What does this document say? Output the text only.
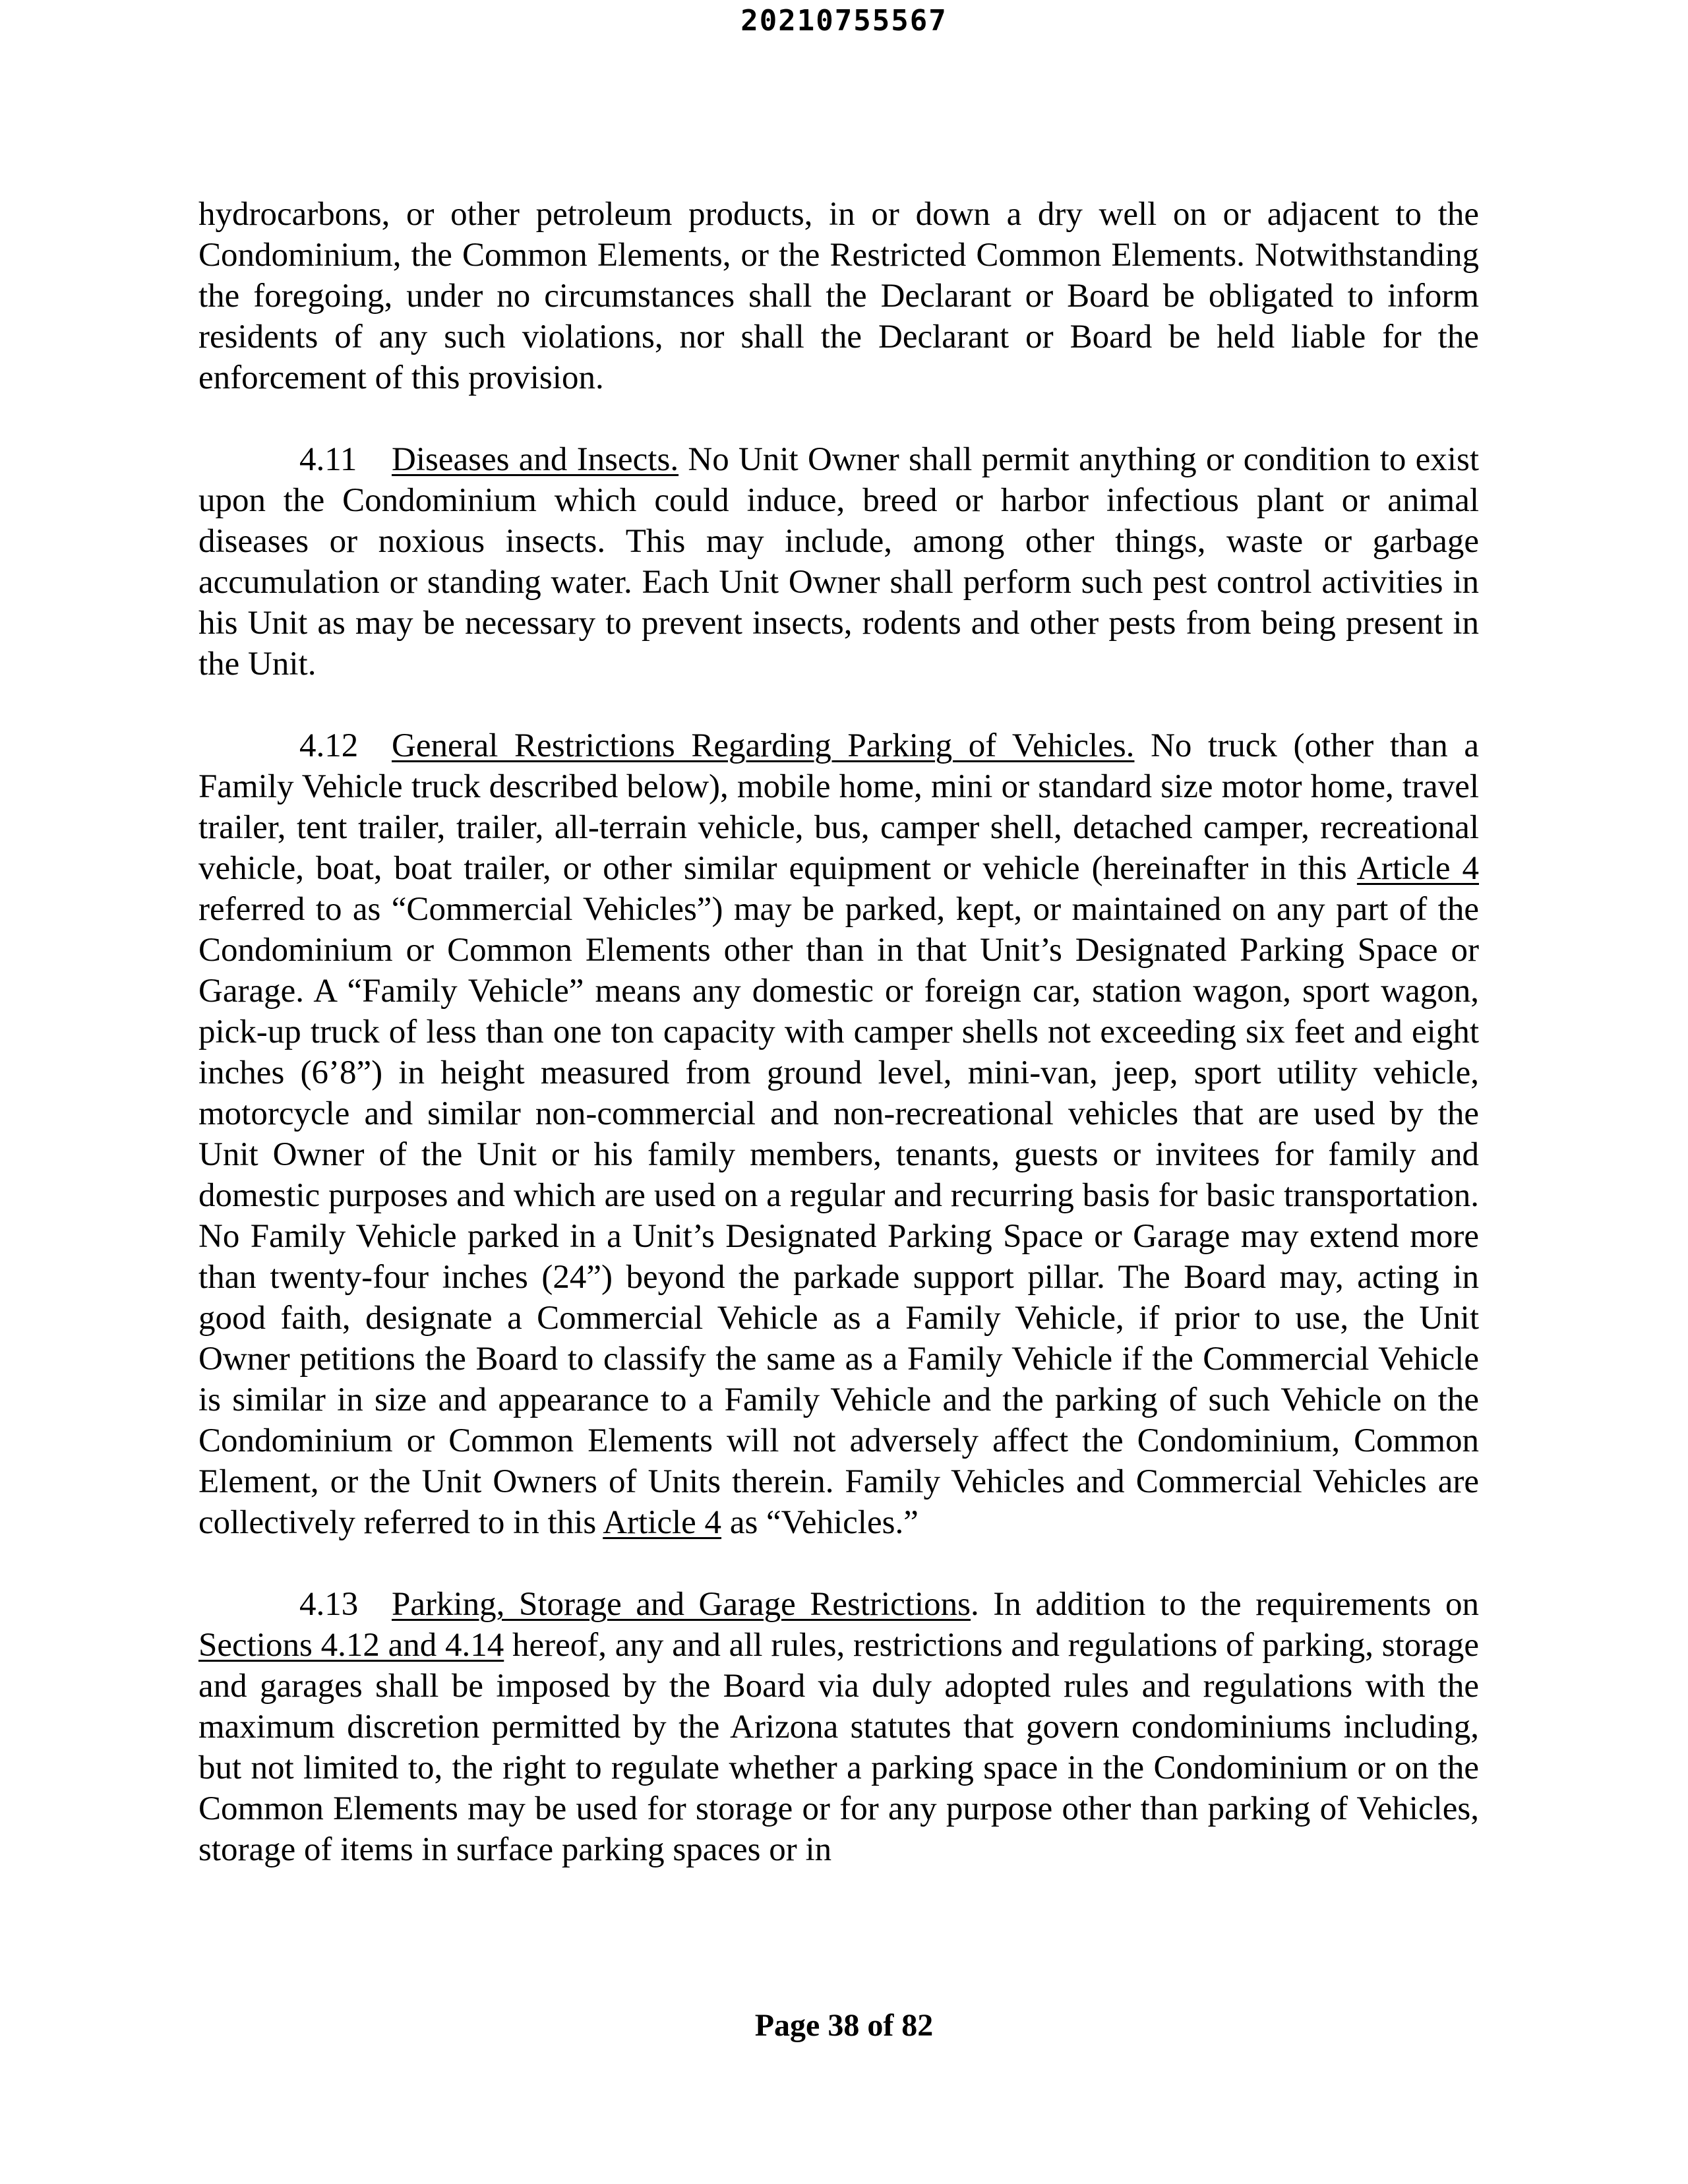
20210755567

hydrocarbons, or other petroleum products, in or down a dry well on or adjacent to the Condominium, the Common Elements, or the Restricted Common Elements. Notwithstanding the foregoing, under no circumstances shall the Declarant or Board be obligated to inform residents of any such violations, nor shall the Declarant or Board be held liable for the enforcement of this provision.

4.11 Diseases and Insects. No Unit Owner shall permit anything or condition to exist upon the Condominium which could induce, breed or harbor infectious plant or animal diseases or noxious insects. This may include, among other things, waste or garbage accumulation or standing water. Each Unit Owner shall perform such pest control activities in his Unit as may be necessary to prevent insects, rodents and other pests from being present in the Unit.

4.12 General Restrictions Regarding Parking of Vehicles. No truck (other than a Family Vehicle truck described below), mobile home, mini or standard size motor home, travel trailer, tent trailer, trailer, all-terrain vehicle, bus, camper shell, detached camper, recreational vehicle, boat, boat trailer, or other similar equipment or vehicle (hereinafter in this Article 4 referred to as “Commercial Vehicles”) may be parked, kept, or maintained on any part of the Condominium or Common Elements other than in that Unit’s Designated Parking Space or Garage. A “Family Vehicle” means any domestic or foreign car, station wagon, sport wagon, pick-up truck of less than one ton capacity with camper shells not exceeding six feet and eight inches (6’8”) in height measured from ground level, mini-van, jeep, sport utility vehicle, motorcycle and similar non-commercial and non-recreational vehicles that are used by the Unit Owner of the Unit or his family members, tenants, guests or invitees for family and domestic purposes and which are used on a regular and recurring basis for basic transportation. No Family Vehicle parked in a Unit’s Designated Parking Space or Garage may extend more than twenty-four inches (24”) beyond the parkade support pillar. The Board may, acting in good faith, designate a Commercial Vehicle as a Family Vehicle, if prior to use, the Unit Owner petitions the Board to classify the same as a Family Vehicle if the Commercial Vehicle is similar in size and appearance to a Family Vehicle and the parking of such Vehicle on the Condominium or Common Elements will not adversely affect the Condominium, Common Element, or the Unit Owners of Units therein. Family Vehicles and Commercial Vehicles are collectively referred to in this Article 4 as “Vehicles.”

4.13 Parking, Storage and Garage Restrictions. In addition to the requirements on Sections 4.12 and 4.14 hereof, any and all rules, restrictions and regulations of parking, storage and garages shall be imposed by the Board via duly adopted rules and regulations with the maximum discretion permitted by the Arizona statutes that govern condominiums including, but not limited to, the right to regulate whether a parking space in the Condominium or on the Common Elements may be used for storage or for any purpose other than parking of Vehicles, storage of items in surface parking spaces or in

Page 38 of 82
